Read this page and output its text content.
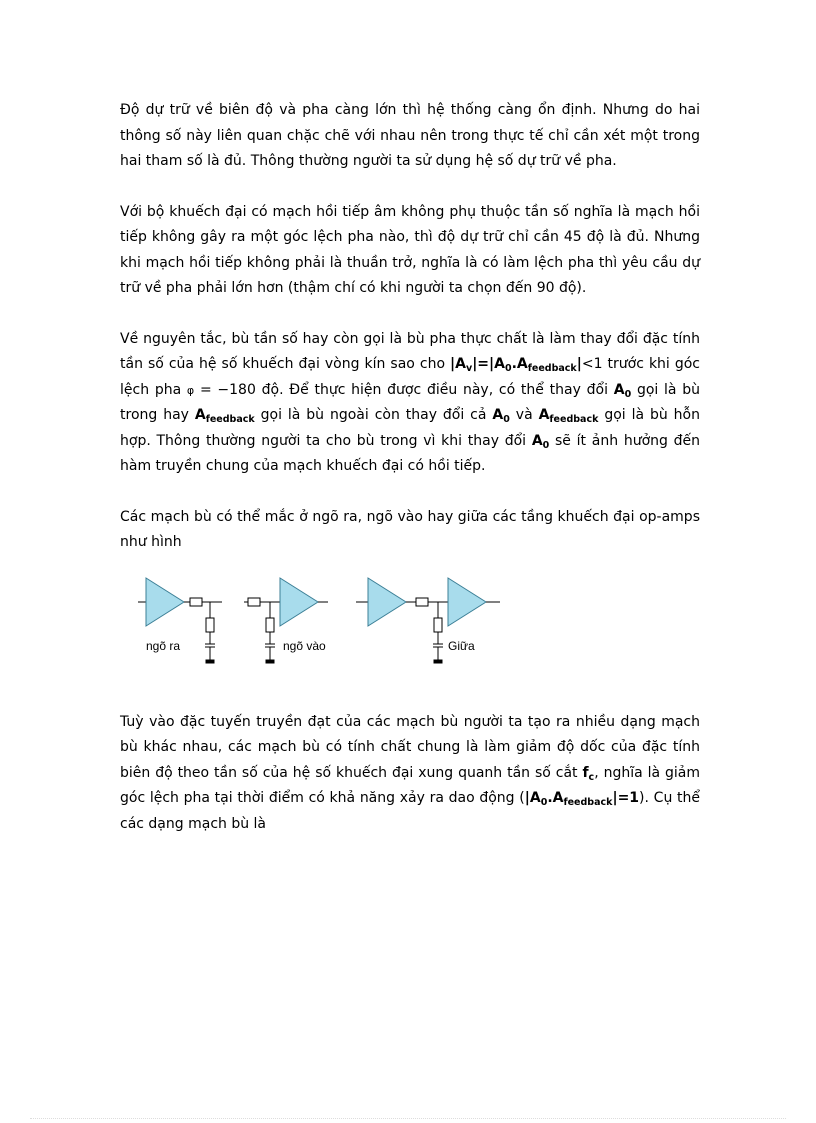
Độ dự trữ về biên độ và pha càng lớn thì hệ thống càng ổn định. Nhưng do hai thông số này liên quan chặc chẽ với nhau nên trong thực tế chỉ cần xét một trong hai tham số là đủ. Thông thường người ta sử dụng hệ số dự trữ về pha.

Với bộ khuếch đại có mạch hồi tiếp âm không phụ thuộc tần số nghĩa là mạch hồi tiếp không gây ra một góc lệch pha nào, thì độ dự trữ chỉ cần 45 độ là đủ. Nhưng khi mạch hồi tiếp không phải là thuần trở, nghĩa là có làm lệch pha thì yêu cầu dự trữ về pha phải lớn hơn (thậm chí có khi người ta chọn đến 90 độ).

Về nguyên tắc, bù tần số hay còn gọi là bù pha thực chất là làm thay đổi đặc tính tần số của hệ số khuếch đại vòng kín sao cho $|A_v|=|A_0.A_{feedback}|<1$ trước khi góc lệch pha φ = −180 độ. Để thực hiện được điều này, có thể thay đổi $A_0$ gọi là bù trong hay $A_{feedback}$ gọi là bù ngoài còn thay đổi cả $A_0$ và $A_{feedback}$ gọi là bù hỗn hợp. Thông thường người ta cho bù trong vì khi thay đổi $A_0$ sẽ ít ảnh hưởng đến hàm truyền chung của mạch khuếch đại có hồi tiếp.

Các mạch bù có thể mắc ở ngõ ra, ngõ vào hay giữa các tầng khuếch đại op-amps như hình

ngõ ra	ngõ vào	Giữa

Tuỳ vào đặc tuyến truyền đạt của các mạch bù người ta tạo ra nhiều dạng mạch bù khác nhau, các mạch bù có tính chất chung là làm giảm độ dốc của đặc tính biên độ theo tần số của hệ số khuếch đại xung quanh tần số cắt $f_c$, nghĩa là giảm góc lệch pha tại thời điểm có khả năng xảy ra dao động $(|A_0.A_{feedback}|=1)$. Cụ thể các dạng mạch bù là
